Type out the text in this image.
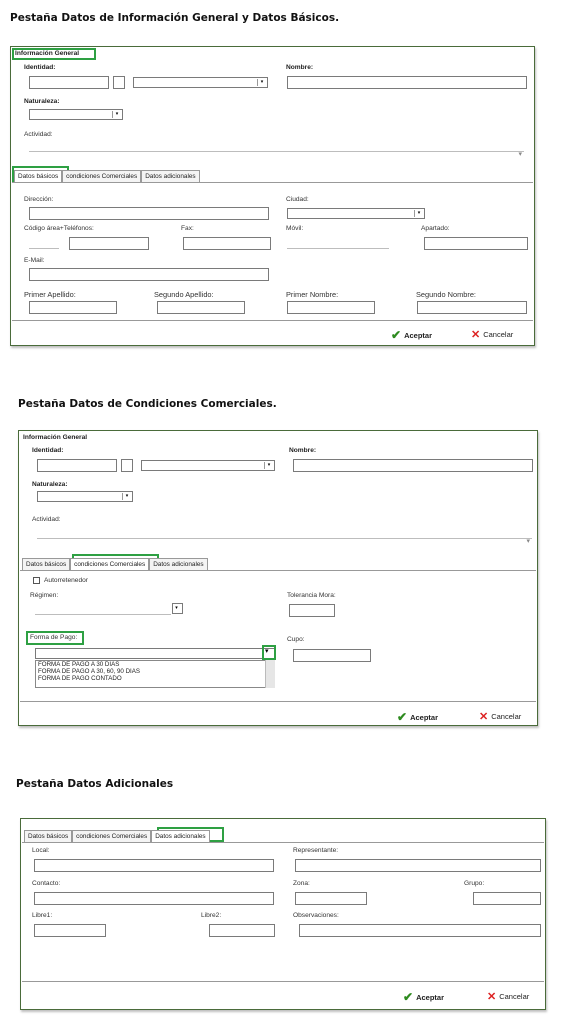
Pestaña Datos de Información General y Datos Básicos.
Información General
Identidad:	Nombre:
▾
Naturaleza:
▾
Actividad:
▾
Datos básicos	condiciones Comerciales	Datos adicionales
Dirección:	Ciudad:
▾
Código área+Teléfonos:	Fax:	Móvil:	Apartado:
E-Mail:
Primer Apellido:	Segundo Apellido:	Primer Nombre:	Segundo Nombre:
✔ Aceptar	✕ Cancelar
Pestaña Datos de Condiciones Comerciales.
Información General
Identidad:	Nombre:
▾
Naturaleza:
▾
Actividad:
▾
Datos básicos	condiciones Comerciales	Datos adicionales
Autorretenedor
Régimen:	Tolerancia Mora:
▾
Forma de Pago:	Cupo:
▾
FORMA DE PAGO A 30 DIAS
FORMA DE PAGO A 30, 60, 90 DIAS
FORMA DE PAGO CONTADO
✔ Aceptar	✕ Cancelar
Pestaña Datos Adicionales
Datos básicos	condiciones Comerciales	Datos adicionales
Local:	Representante:
Contacto:	Zona:	Grupo:
Libre1:	Libre2:	Observaciones:
✔ Aceptar	✕ Cancelar
